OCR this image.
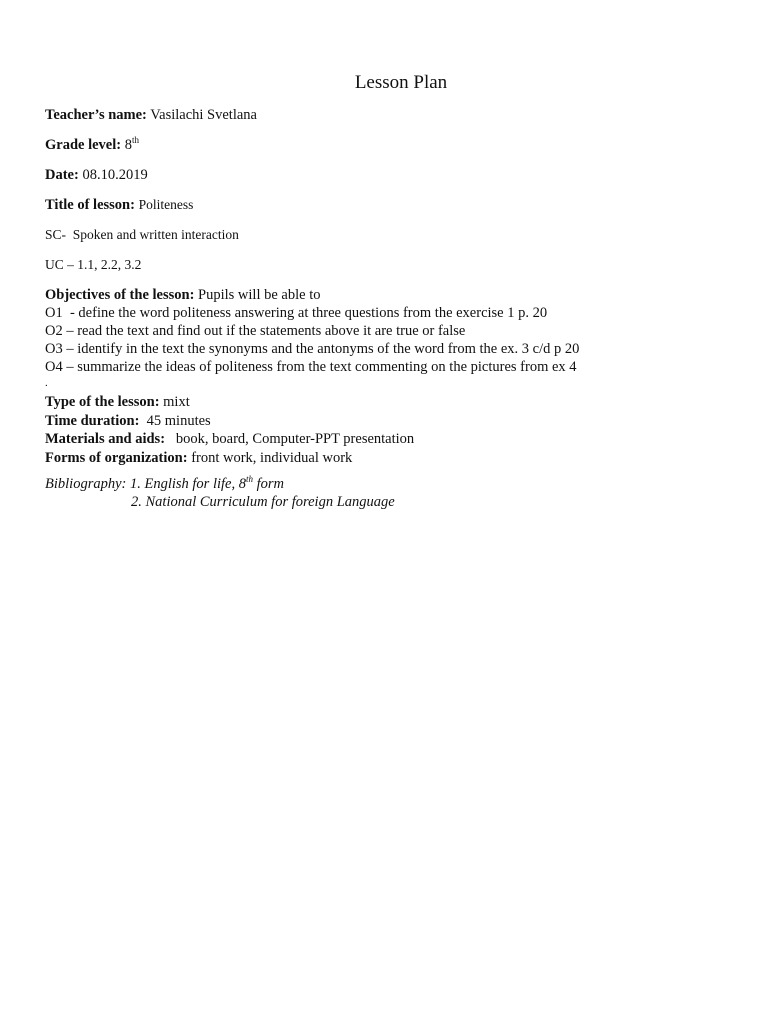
Lesson Plan
Teacher’s name: Vasilachi Svetlana
Grade level: 8th
Date: 08.10.2019
Title of lesson: Politeness
SC-  Spoken and written interaction
UC – 1.1, 2.2, 3.2
Objectives of the lesson: Pupils will be able to
O1  - define the word politeness answering at three questions from the exercise 1 p. 20
O2 – read the text and find out if the statements above it are true or false
O3 – identify in the text the synonyms and the antonyms of the word from the ex. 3 c/d p 20
O4 – summarize the ideas of politeness from the text commenting on the pictures from ex 4
.
Type of the lesson: mixt
Time duration: 45 minutes
Materials and aids: book, board, Computer-PPT presentation
Forms of organization: front work, individual work
Bibliography: 1. English for life, 8th form
2. National Curriculum for foreign Language
